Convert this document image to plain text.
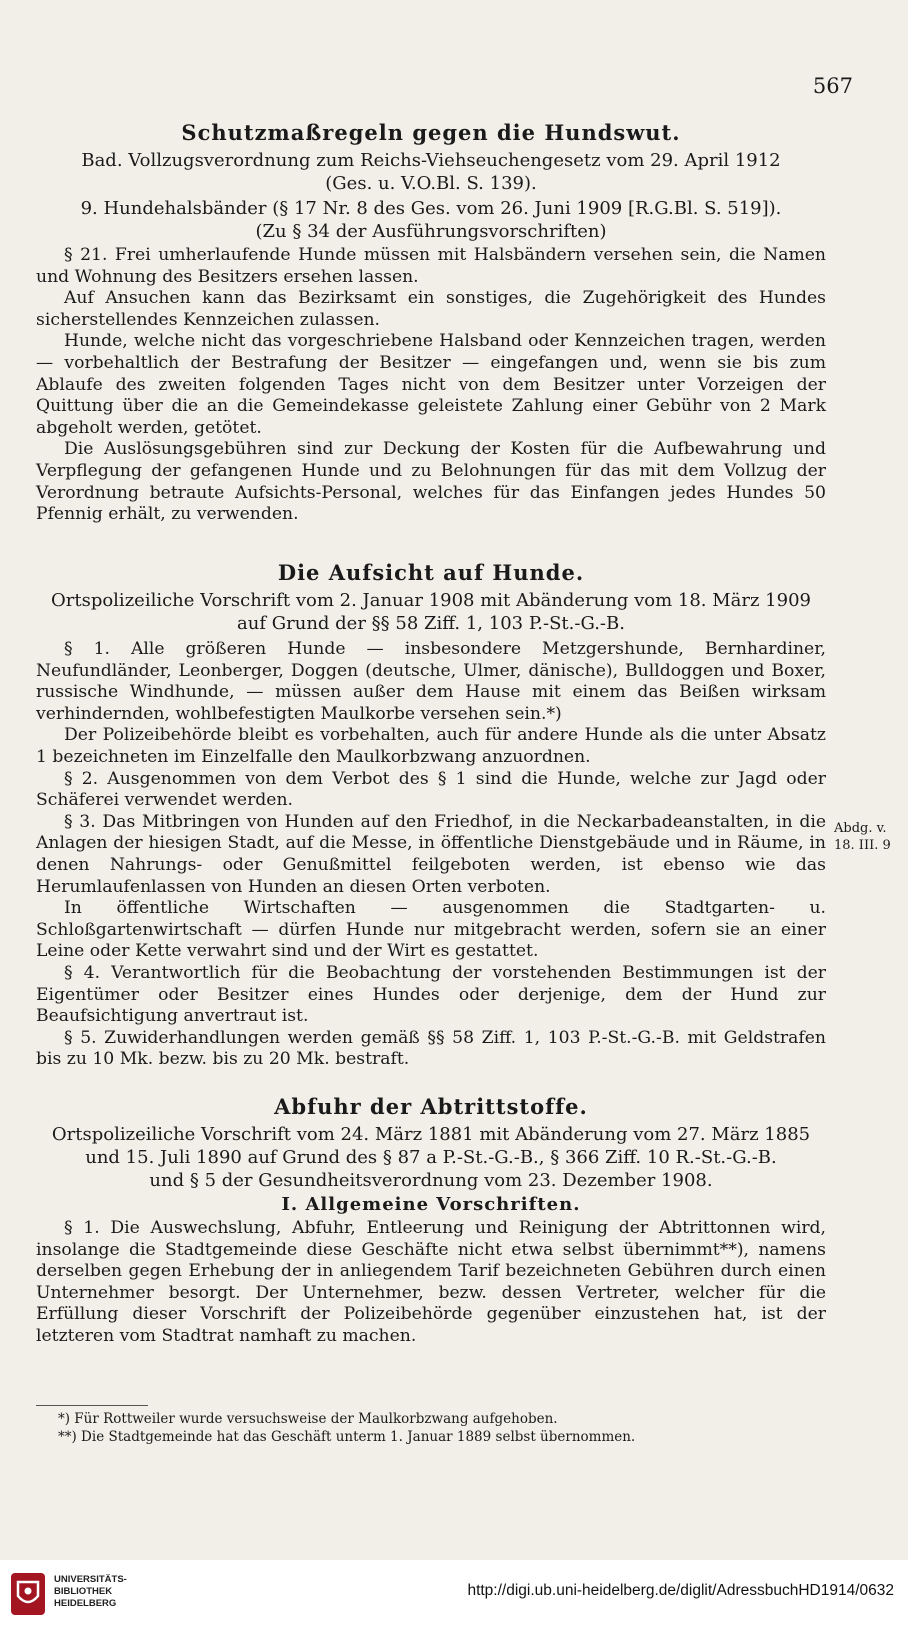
567
Schutzmaßregeln gegen die Hundswut.
Bad. Vollzugsverordnung zum Reichs-Viehseuchengesetz vom 29. April 1912
(Ges. u. V.O.Bl. S. 139).
9. Hundehalsbänder (§ 17 Nr. 8 des Ges. vom 26. Juni 1909 [R.G.Bl. S. 519]).
(Zu § 34 der Ausführungsvorschriften)

§ 21. Frei umherlaufende Hunde müssen mit Halsbändern versehen sein, die Namen und Wohnung des Besitzers ersehen lassen.

Auf Ansuchen kann das Bezirksamt ein sonstiges, die Zugehörigkeit des Hundes sicherstellendes Kennzeichen zulassen.

Hunde, welche nicht das vorgeschriebene Halsband oder Kennzeichen tragen, werden — vorbehaltlich der Bestrafung der Besitzer — eingefangen und, wenn sie bis zum Ablaufe des zweiten folgenden Tages nicht von dem Besitzer unter Vorzeigen der Quittung über die an die Gemeindekasse geleistete Zahlung einer Gebühr von 2 Mark abgeholt werden, getötet.

Die Auslösungsgebühren sind zur Deckung der Kosten für die Aufbewahrung und Verpflegung der gefangenen Hunde und zu Belohnungen für das mit dem Vollzug der Verordnung betraute Aufsichts-Personal, welches für das Einfangen jedes Hundes 50 Pfennig erhält, zu verwenden.

Die Aufsicht auf Hunde.
Ortspolizeiliche Vorschrift vom 2. Januar 1908 mit Abänderung vom 18. März 1909
auf Grund der §§ 58 Ziff. 1, 103 P.-St.-G.-B.

§ 1. Alle größeren Hunde — insbesondere Metzgershunde, Bernhardiner, Neufundländer, Leonberger, Doggen (deutsche, Ulmer, dänische), Bulldoggen und Boxer, russische Windhunde, — müssen außer dem Hause mit einem das Beißen wirksam verhindernden, wohlbefestigten Maulkorbe versehen sein.*)

Der Polizeibehörde bleibt es vorbehalten, auch für andere Hunde als die unter Absatz 1 bezeichneten im Einzelfalle den Maulkorbzwang anzuordnen.

§ 2. Ausgenommen von dem Verbot des § 1 sind die Hunde, welche zur Jagd oder Schäferei verwendet werden.

§ 3. Das Mitbringen von Hunden auf den Friedhof, in die Neckarbadeanstalten, in die Anlagen der hiesigen Stadt, auf die Messe, in öffentliche Dienstgebäude und in Räume, in denen Nahrungs- oder Genußmittel feilgeboten werden, ist ebenso wie das Herumlaufenlassen von Hunden an diesen Orten verboten.

In öffentliche Wirtschaften — ausgenommen die Stadtgarten- u. Schloßgartenwirtschaft — dürfen Hunde nur mitgebracht werden, sofern sie an einer Leine oder Kette verwahrt sind und der Wirt es gestattet.

§ 4. Verantwortlich für die Beobachtung der vorstehenden Bestimmungen ist der Eigentümer oder Besitzer eines Hundes oder derjenige, dem der Hund zur Beaufsichtigung anvertraut ist.

§ 5. Zuwiderhandlungen werden gemäß §§ 58 Ziff. 1, 103 P.-St.-G.-B. mit Geldstrafen bis zu 10 Mk. bezw. bis zu 20 Mk. bestraft.

Abdg. v.
18. III. 9
Abfuhr der Abtrittstoffe.
Ortspolizeiliche Vorschrift vom 24. März 1881 mit Abänderung vom 27. März 1885
und 15. Juli 1890 auf Grund des § 87 a P.-St.-G.-B., § 366 Ziff. 10 R.-St.-G.-B.
und § 5 der Gesundheitsverordnung vom 23. Dezember 1908.
I. Allgemeine Vorschriften.

§ 1. Die Auswechslung, Abfuhr, Entleerung und Reinigung der Abtrittonnen wird, insolange die Stadtgemeinde diese Geschäfte nicht etwa selbst übernimmt**), namens derselben gegen Erhebung der in anliegendem Tarif bezeichneten Gebühren durch einen Unternehmer besorgt. Der Unternehmer, bezw. dessen Vertreter, welcher für die Erfüllung dieser Vorschrift der Polizeibehörde gegenüber einzustehen hat, ist der letzteren vom Stadtrat namhaft zu machen.

*) Für Rottweiler wurde versuchsweise der Maulkorbzwang aufgehoben.

**) Die Stadtgemeinde hat das Geschäft unterm 1. Januar 1889 selbst übernommen.

UNIVERSITÄTS-
BIBLIOTHEK
HEIDELBERG
http://digi.ub.uni-heidelberg.de/diglit/AdressbuchHD1914/0632
